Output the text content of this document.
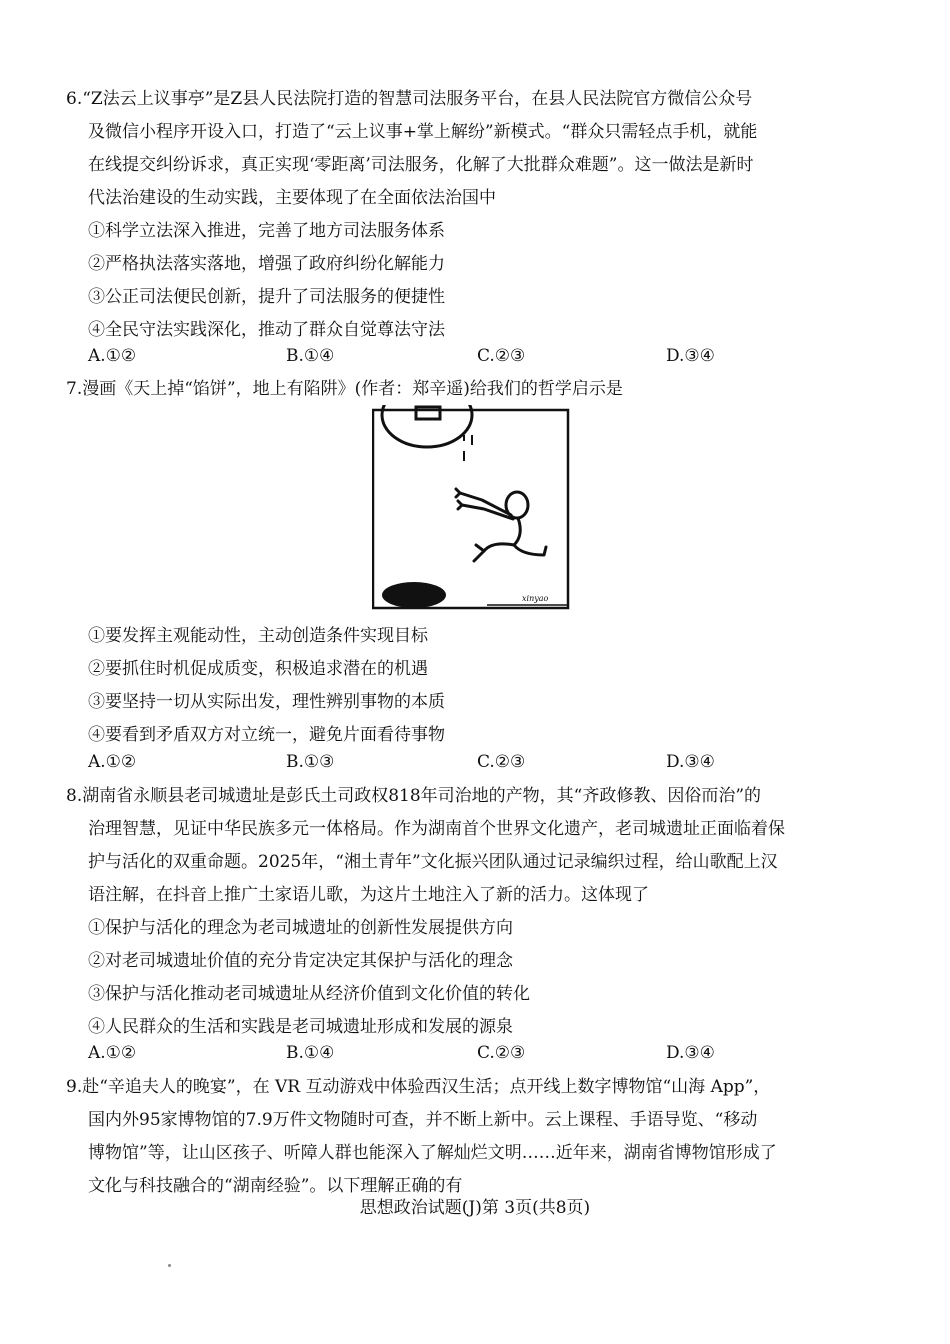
6.“Z法云上议事亭”是Z县人民法院打造的智慧司法服务平台，在县人民法院官方微信公众号
及微信小程序开设入口，打造了“云上议事+掌上解纷”新模式。“群众只需轻点手机，就能
在线提交纠纷诉求，真正实现‘零距离’司法服务，化解了大批群众难题”。这一做法是新时
代法治建设的生动实践，主要体现了在全面依法治国中
①科学立法深入推进，完善了地方司法服务体系
②严格执法落实落地，增强了政府纠纷化解能力
③公正司法便民创新，提升了司法服务的便捷性
④全民守法实践深化，推动了群众自觉尊法守法
A.①②	B.①④	C.②③	D.③④
7.漫画《天上掉“馅饼”，地上有陷阱》(作者：郑辛遥)给我们的哲学启示是
xinyao
①要发挥主观能动性，主动创造条件实现目标
②要抓住时机促成质变，积极追求潜在的机遇
③要坚持一切从实际出发，理性辨别事物的本质
④要看到矛盾双方对立统一，避免片面看待事物
A.①②	B.①③	C.②③	D.③④
8.湖南省永顺县老司城遗址是彭氏土司政权818年司治地的产物，其“齐政修教、因俗而治”的
治理智慧，见证中华民族多元一体格局。作为湖南首个世界文化遗产，老司城遗址正面临着保
护与活化的双重命题。2025年，“湘土青年”文化振兴团队通过记录编织过程，给山歌配上汉
语注解，在抖音上推广土家语儿歌，为这片土地注入了新的活力。这体现了
①保护与活化的理念为老司城遗址的创新性发展提供方向
②对老司城遗址价值的充分肯定决定其保护与活化的理念
③保护与活化推动老司城遗址从经济价值到文化价值的转化
④人民群众的生活和实践是老司城遗址形成和发展的源泉
A.①②	B.①④	C.②③	D.③④
9.赴“辛追夫人的晚宴”，在 VR 互动游戏中体验西汉生活；点开线上数字博物馆“山海 App”，
国内外95家博物馆的7.9万件文物随时可查，并不断上新中。云上课程、手语导览、“移动
博物馆”等，让山区孩子、听障人群也能深入了解灿烂文明……近年来，湖南省博物馆形成了
文化与科技融合的“湖南经验”。以下理解正确的有
思想政治试题(J)第 3页(共8页)
